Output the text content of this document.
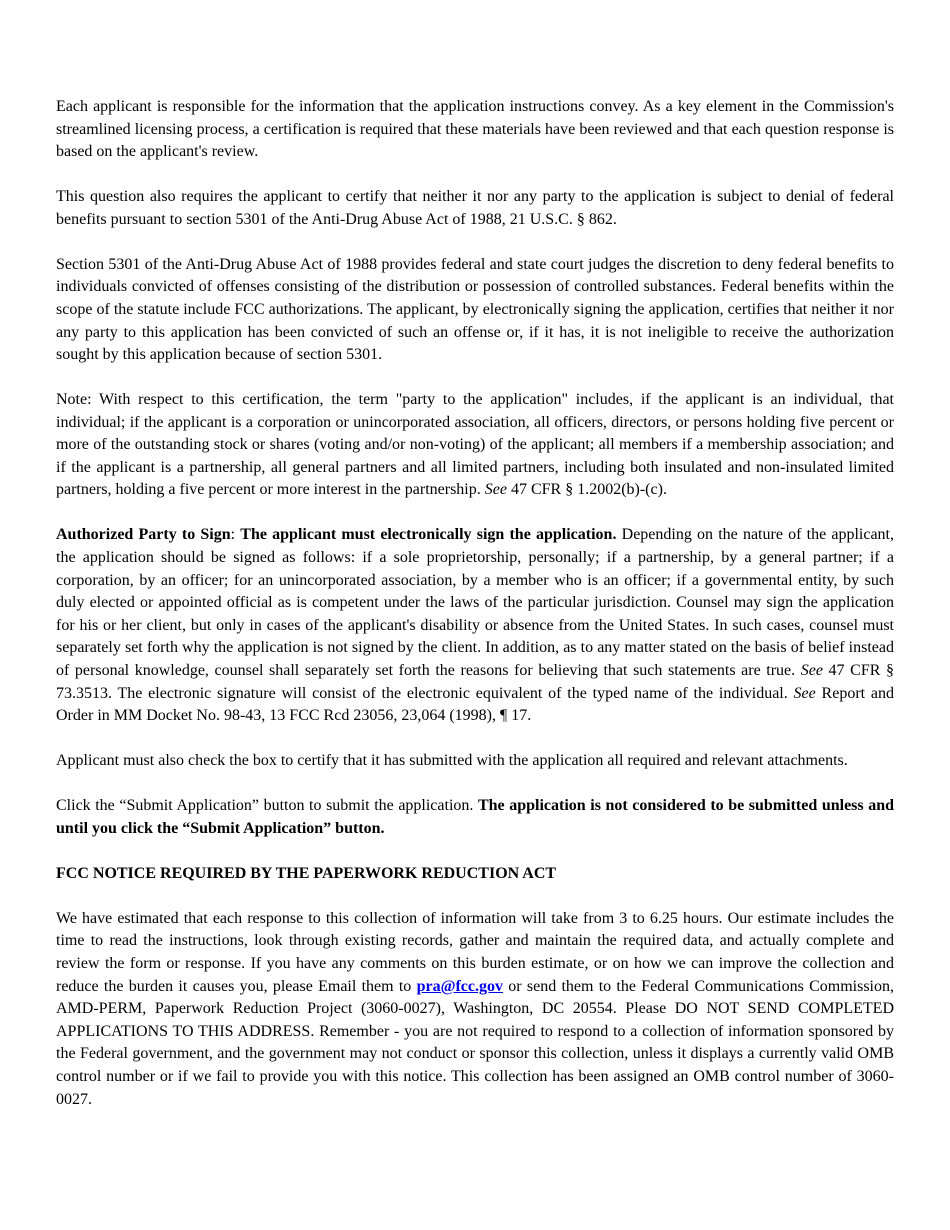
Each applicant is responsible for the information that the application instructions convey. As a key element in the Commission's streamlined licensing process, a certification is required that these materials have been reviewed and that each question response is based on the applicant's review.

This question also requires the applicant to certify that neither it nor any party to the application is subject to denial of federal benefits pursuant to section 5301 of the Anti-Drug Abuse Act of 1988, 21 U.S.C. § 862.

Section 5301 of the Anti-Drug Abuse Act of 1988 provides federal and state court judges the discretion to deny federal benefits to individuals convicted of offenses consisting of the distribution or possession of controlled substances. Federal benefits within the scope of the statute include FCC authorizations. The applicant, by electronically signing the application, certifies that neither it nor any party to this application has been convicted of such an offense or, if it has, it is not ineligible to receive the authorization sought by this application because of section 5301.

Note: With respect to this certification, the term "party to the application" includes, if the applicant is an individual, that individual; if the applicant is a corporation or unincorporated association, all officers, directors, or persons holding five percent or more of the outstanding stock or shares (voting and/or non-voting) of the applicant; all members if a membership association; and if the applicant is a partnership, all general partners and all limited partners, including both insulated and non-insulated limited partners, holding a five percent or more interest in the partnership. See 47 CFR § 1.2002(b)-(c).

Authorized Party to Sign: The applicant must electronically sign the application. Depending on the nature of the applicant, the application should be signed as follows: if a sole proprietorship, personally; if a partnership, by a general partner; if a corporation, by an officer; for an unincorporated association, by a member who is an officer; if a governmental entity, by such duly elected or appointed official as is competent under the laws of the particular jurisdiction. Counsel may sign the application for his or her client, but only in cases of the applicant's disability or absence from the United States. In such cases, counsel must separately set forth why the application is not signed by the client. In addition, as to any matter stated on the basis of belief instead of personal knowledge, counsel shall separately set forth the reasons for believing that such statements are true. See 47 CFR § 73.3513. The electronic signature will consist of the electronic equivalent of the typed name of the individual. See Report and Order in MM Docket No. 98-43, 13 FCC Rcd 23056, 23,064 (1998), ¶ 17.

Applicant must also check the box to certify that it has submitted with the application all required and relevant attachments.

Click the “Submit Application” button to submit the application. The application is not considered to be submitted unless and until you click the “Submit Application” button.

FCC NOTICE REQUIRED BY THE PAPERWORK REDUCTION ACT

We have estimated that each response to this collection of information will take from 3 to 6.25 hours. Our estimate includes the time to read the instructions, look through existing records, gather and maintain the required data, and actually complete and review the form or response. If you have any comments on this burden estimate, or on how we can improve the collection and reduce the burden it causes you, please Email them to pra@fcc.gov or send them to the Federal Communications Commission, AMD-PERM, Paperwork Reduction Project (3060-0027), Washington, DC 20554. Please DO NOT SEND COMPLETED APPLICATIONS TO THIS ADDRESS. Remember - you are not required to respond to a collection of information sponsored by the Federal government, and the government may not conduct or sponsor this collection, unless it displays a currently valid OMB control number or if we fail to provide you with this notice. This collection has been assigned an OMB control number of 3060-0027.
